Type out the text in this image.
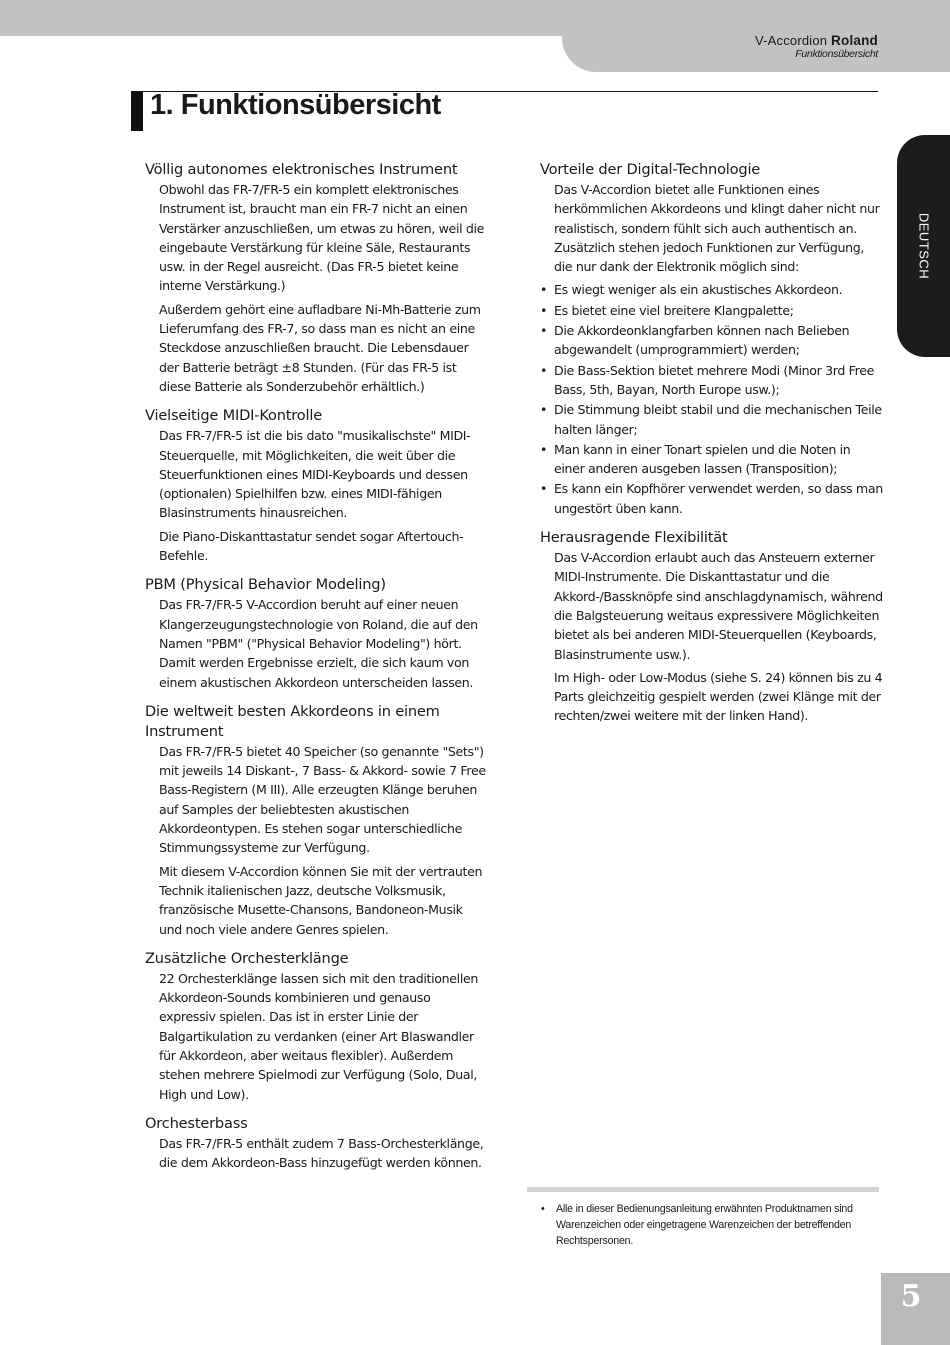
V-Accordion Roland
Funktionsübersicht
1. Funktionsübersicht
DEUTSCH
Völlig autonomes elektronisches Instrument

Obwohl das FR-7/FR-5 ein komplett elektronisches Instrument ist, braucht man ein FR-7 nicht an einen Verstärker anzuschließen, um etwas zu hören, weil die eingebaute Verstärkung für kleine Säle, Restaurants usw. in der Regel ausreicht. (Das FR-5 bietet keine interne Verstärkung.)

Außerdem gehört eine aufladbare Ni-Mh-Batterie zum Lieferumfang des FR-7, so dass man es nicht an eine Steckdose anzuschließen braucht. Die Lebensdauer der Batterie beträgt ±8 Stunden. (Für das FR-5 ist diese Batterie als Sonderzubehör erhältlich.)

Vielseitige MIDI-Kontrolle

Das FR-7/FR-5 ist die bis dato "musikalischste" MIDI-Steuerquelle, mit Möglichkeiten, die weit über die Steuerfunktionen eines MIDI-Keyboards und dessen (optionalen) Spielhilfen bzw. eines MIDI-fähigen Blasinstruments hinausreichen.

Die Piano-Diskanttastatur sendet sogar Aftertouch-Befehle.

PBM (Physical Behavior Modeling)

Das FR-7/FR-5 V-Accordion beruht auf einer neuen Klangerzeugungstechnologie von Roland, die auf den Namen "PBM" ("Physical Behavior Modeling") hört. Damit werden Ergebnisse erzielt, die sich kaum von einem akustischen Akkordeon unterscheiden lassen.

Die weltweit besten Akkordeons in einem Instrument

Das FR-7/FR-5 bietet 40 Speicher (so genannte "Sets") mit jeweils 14 Diskant-, 7 Bass- & Akkord- sowie 7 Free Bass-Registern (M III). Alle erzeugten Klänge beruhen auf Samples der beliebtesten akustischen Akkordeontypen. Es stehen sogar unterschiedliche Stimmungssysteme zur Verfügung.

Mit diesem V-Accordion können Sie mit der vertrauten Technik italienischen Jazz, deutsche Volksmusik, französische Musette-Chansons, Bandoneon-Musik und noch viele andere Genres spielen.

Zusätzliche Orchesterklänge

22 Orchesterklänge lassen sich mit den traditionellen Akkordeon-Sounds kombinieren und genauso expressiv spielen. Das ist in erster Linie der Balgartikulation zu verdanken (einer Art Blaswandler für Akkordeon, aber weitaus flexibler). Außerdem stehen mehrere Spielmodi zur Verfügung (Solo, Dual, High und Low).

Orchesterbass

Das FR-7/FR-5 enthält zudem 7 Bass-Orchesterklänge, die dem Akkordeon-Bass hinzugefügt werden können.

Vorteile der Digital-Technologie

Das V-Accordion bietet alle Funktionen eines herkömmlichen Akkordeons und klingt daher nicht nur realistisch, sondern fühlt sich auch authentisch an. Zusätzlich stehen jedoch Funktionen zur Verfügung, die nur dank der Elektronik möglich sind:

• Es wiegt weniger als ein akustisches Akkordeon.
• Es bietet eine viel breitere Klangpalette;
• Die Akkordeonklangfarben können nach Belieben abgewandelt (umprogrammiert) werden;
• Die Bass-Sektion bietet mehrere Modi (Minor 3rd Free Bass, 5th, Bayan, North Europe usw.);
• Die Stimmung bleibt stabil und die mechanischen Teile halten länger;
• Man kann in einer Tonart spielen und die Noten in einer anderen ausgeben lassen (Transposition);
• Es kann ein Kopfhörer verwendet werden, so dass man ungestört üben kann.
Herausragende Flexibilität

Das V-Accordion erlaubt auch das Ansteuern externer MIDI-Instrumente. Die Diskanttastatur und die Akkord-/Bassknöpfe sind anschlagdynamisch, während die Balgsteuerung weitaus expressivere Möglichkeiten bietet als bei anderen MIDI-Steuerquellen (Keyboards, Blasinstrumente usw.).

Im High- oder Low-Modus (siehe S. 24) können bis zu 4 Parts gleichzeitig gespielt werden (zwei Klänge mit der rechten/zwei weitere mit der linken Hand).

•	Alle in dieser Bedienungsanleitung erwähnten Produktnamen sind Warenzeichen oder eingetragene Warenzeichen der betreffenden Rechtspersonen.
5
